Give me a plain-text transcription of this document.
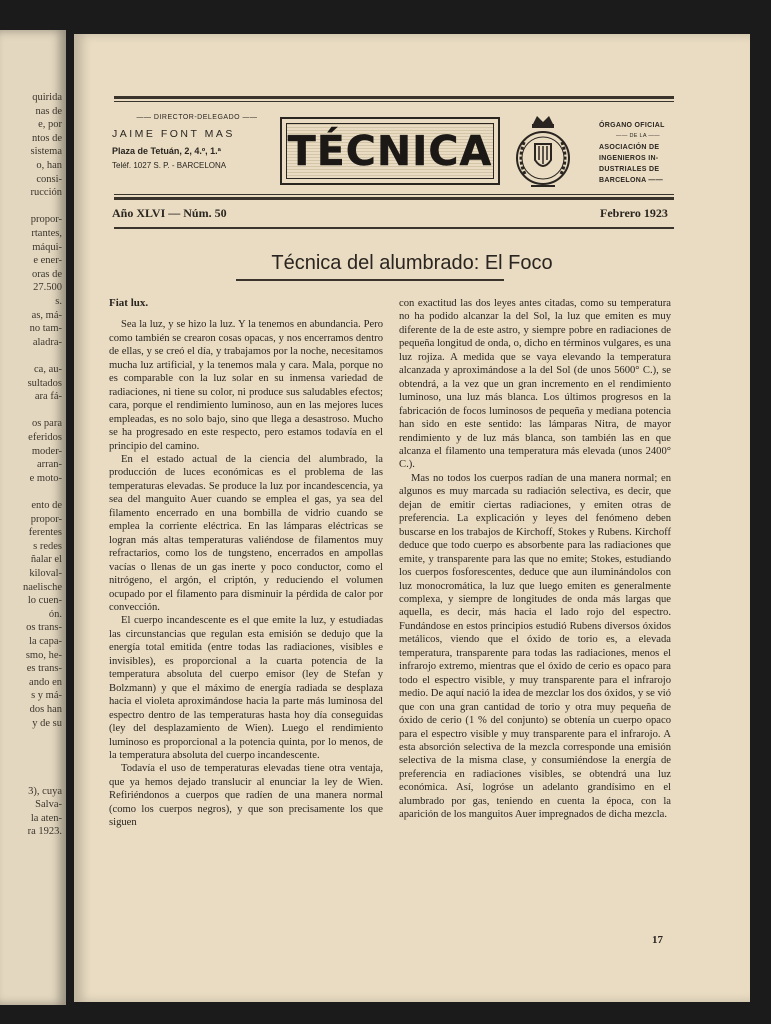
quirida
nas de
e, por
ntos de
sistema
o, han
consi-
rucción
propor-
rtantes,
máqui-
e ener-
oras de
27.500
s.
as, má-
no tam-
aladra-
ca, au-
sultados
ara fá-
os para
eferidos
moder-
arran-
e moto-
ento de
propor-
ferentes
s redes
ñalar el
kiloval-
naelische
lo cuen-
ón.
os trans-
la capa-
smo, he-
es trans-
ando en
s y má-
dos han
y de su
3), cuya
Salva-
la aten-
ra 1923.
—— DIRECTOR-DELEGADO ——
JAIME FONT MAS
Plaza de Tetuán, 2, 4.º, 1.ª
Teléf. 1027 S. P. - BARCELONA	TÉCNICA
ÓRGANO OFICIAL
—— DE LA ——
ASOCIACIÓN DE
INGENIEROS IN-
DUSTRIALES DE
BARCELONA ——
Año XLVI — Núm. 50	Febrero 1923
Técnica del alumbrado: El Foco
Fiat lux.

Sea la luz, y se hizo la luz. Y la tenemos en abundancia. Pero como también se crearon cosas opacas, y nos encerramos dentro de ellas, y se creó el día, y trabajamos por la noche, necesitamos mucha luz artificial, y la tenemos mala y cara. Mala, porque no es comparable con la luz solar en su inmensa variedad de radiaciones, ni tiene su color, ni produce sus saludables efectos; cara, porque el rendimiento luminoso, aun en las mejores luces empleadas, es no solo bajo, sino que llega a desastroso. Mucho se ha progresado en este respecto, pero estamos todavía en el principio del camino.

En el estado actual de la ciencia del alumbrado, la producción de luces económicas es el problema de las temperaturas elevadas. Se produce la luz por incandescencia, ya sea del manguito Auer cuando se emplea el gas, ya sea del filamento encerrado en una bombilla de vidrio cuando se emplea la corriente eléctrica. En las lámparas eléctricas se logran más altas temperaturas valiéndose de filamentos muy refractarios, como los de tungsteno, encerrados en ampollas vacías o llenas de un gas inerte y poco conductor, como el nitrógeno, el argón, el criptón, y reduciendo el volumen ocupado por el filamento para disminuir la pérdida de calor por convección.

El cuerpo incandescente es el que emite la luz, y estudiadas las circunstancias que regulan esta emisión se dedujo que la energía total emitida (entre todas las radiaciones, visibles e invisibles), es proporcional a la cuarta potencia de la temperatura absoluta del cuerpo emisor (ley de Stefan y Bolzmann) y que el máximo de energía radiada se desplaza hacia el violeta aproximándose hacia la parte más luminosa del espectro dentro de las temperaturas hasta hoy día conseguidas (ley del desplazamiento de Wien). Luego el rendimiento luminoso es proporcional a la potencia quinta, por lo menos, de la temperatura absoluta del cuerpo incandescente.

Todavía el uso de temperaturas elevadas tiene otra ventaja, que ya hemos dejado translucir al enunciar la ley de Wien. Refiriéndonos a cuerpos que radíen de una manera normal (como los cuerpos negros), y que son precisamente los que siguen

con exactitud las dos leyes antes citadas, como su temperatura no ha podido alcanzar la del Sol, la luz que emiten es muy diferente de la de este astro, y siempre pobre en radiaciones de pequeña longitud de onda, o, dicho en términos vulgares, es una luz rojiza. A medida que se vaya elevando la temperatura alcanzada y aproximándose a la del Sol (de unos 5600° C.), se obtendrá, a la vez que un gran incremento en el rendimiento luminoso, una luz más blanca. Los últimos progresos en la fabricación de focos luminosos de pequeña y mediana potencia han sido en este sentido: las lámparas Nitra, de mayor rendimiento y de luz más blanca, son también las en que alcanza el filamento una temperatura más elevada (unos 2400° C.).

Mas no todos los cuerpos radían de una manera normal; en algunos es muy marcada su radiación selectiva, es decir, que dejan de emitir ciertas radiaciones, y emiten otras de preferencia. La explicación y leyes del fenómeno deben buscarse en los trabajos de Kirchoff, Stokes y Rubens. Kirchoff deduce que todo cuerpo es absorbente para las radiaciones que emite, y transparente para las que no emite; Stokes, estudiando los cuerpos fosforescentes, deduce que aun iluminándolos con luz monocromática, la luz que luego emiten es generalmente complexa, y siempre de longitudes de onda más largas que aquella, es decir, más hacia el lado rojo del espectro. Fundándose en estos principios estudió Rubens diversos óxidos metálicos, viendo que el óxido de torio es, a elevada temperatura, transparente para todas las radiaciones, menos el infrarojo extremo, mientras que el óxido de cerio es opaco para todo el espectro visible, y muy transparente para el infrarojo medio. De aquí nació la idea de mezclar los dos óxidos, y se vió que con una gran cantidad de torio y otra muy pequeña de óxido de cerio (1 % del conjunto) se obtenía un cuerpo opaco para el espectro visible y muy transparente para el infrarojo. A esta absorción selectiva de la mezcla corresponde una emisión selectiva de la misma clase, y consumiéndose la energía de preferencia en radiaciones visibles, se obtendrá una luz económica. Así, logróse un adelanto grandísimo en el alumbrado por gas, teniendo en cuenta la época, con la aparición de los manguitos Auer impregnados de dicha mezcla.

17
